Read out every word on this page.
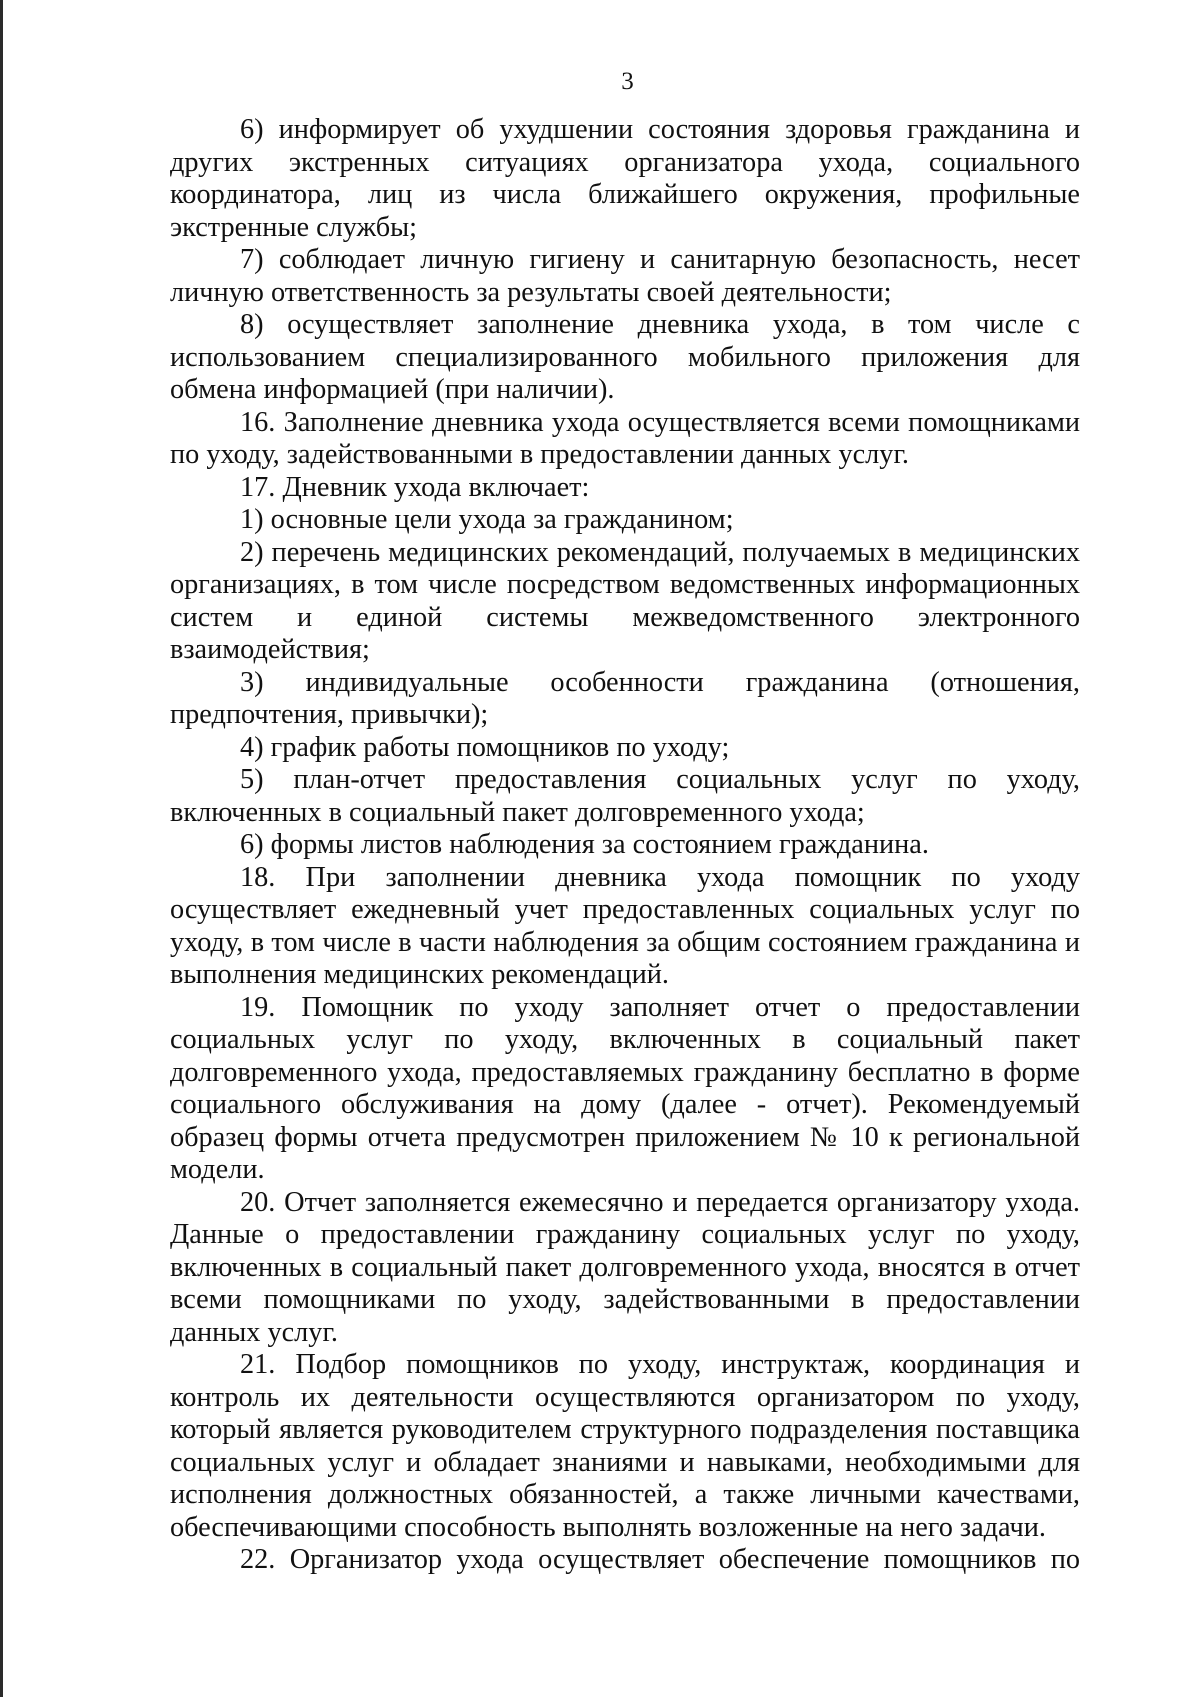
3

6) информирует об ухудшении состояния здоровья гражданина и других экстренных ситуациях организатора ухода, социального координатора, лиц из числа ближайшего окружения, профильные экстренные службы;

7) соблюдает личную гигиену и санитарную безопасность, несет личную ответственность за результаты своей деятельности;

8) осуществляет заполнение дневника ухода, в том числе с использованием специализированного мобильного приложения для обмена информацией (при наличии).

16. Заполнение дневника ухода осуществляется всеми помощниками по уходу, задействованными в предоставлении данных услуг.

17. Дневник ухода включает:

1) основные цели ухода за гражданином;

2) перечень медицинских рекомендаций, получаемых в медицинских организациях, в том числе посредством ведомственных информационных систем и единой системы межведомственного электронного взаимодействия;

3) индивидуальные особенности гражданина (отношения, предпочтения, привычки);

4) график работы помощников по уходу;

5) план-отчет предоставления социальных услуг по уходу, включенных в социальный пакет долговременного ухода;

6) формы листов наблюдения за состоянием гражданина.

18. При заполнении дневника ухода помощник по уходу осуществляет ежедневный учет предоставленных социальных услуг по уходу, в том числе в части наблюдения за общим состоянием гражданина и выполнения медицинских рекомендаций.

19. Помощник по уходу заполняет отчет о предоставлении социальных услуг по уходу, включенных в социальный пакет долговременного ухода, предоставляемых гражданину бесплатно в форме социального обслуживания на дому (далее - отчет). Рекомендуемый образец формы отчета предусмотрен приложением № 10 к региональной модели.

20. Отчет заполняется ежемесячно и передается организатору ухода. Данные о предоставлении гражданину социальных услуг по уходу, включенных в социальный пакет долговременного ухода, вносятся в отчет всеми помощниками по уходу, задействованными в предоставлении данных услуг.

21. Подбор помощников по уходу, инструктаж, координация и контроль их деятельности осуществляются организатором по уходу, который является руководителем структурного подразделения поставщика социальных услуг и обладает знаниями и навыками, необходимыми для исполнения должностных обязанностей, а также личными качествами, обеспечивающими способность выполнять возложенные на него задачи.

22. Организатор ухода осуществляет обеспечение помощников по
